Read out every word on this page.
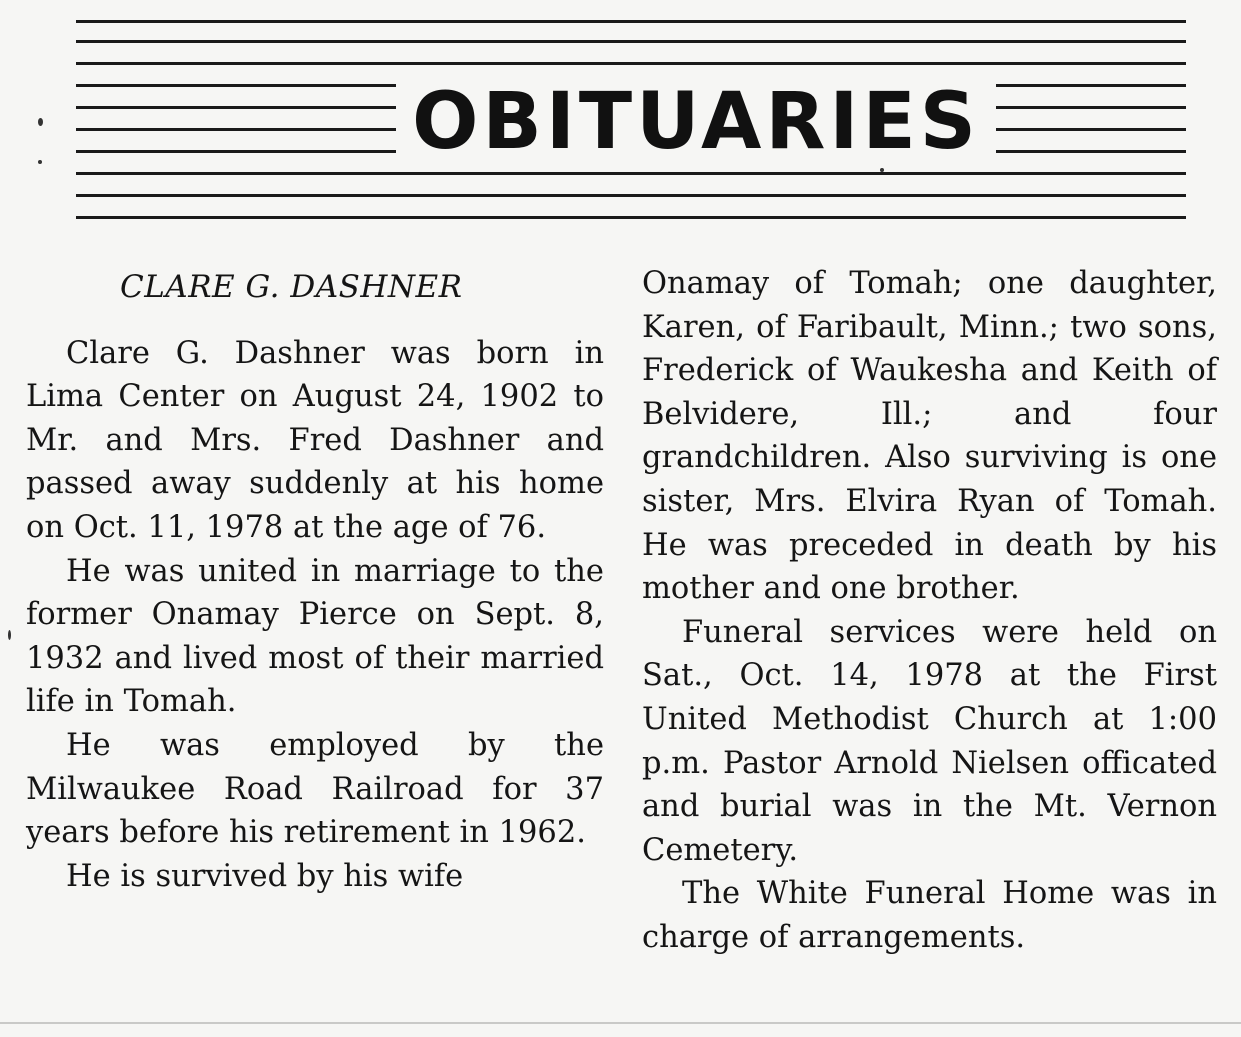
OBITUARIES
CLARE G. DASHNER

Clare G. Dashner was born in Lima Center on August 24, 1902 to Mr. and Mrs. Fred Dashner and passed away suddenly at his home on Oct. 11, 1978 at the age of 76.

He was united in marriage to the former Onamay Pierce on Sept. 8, 1932 and lived most of their married life in Tomah.

He was employed by the Milwaukee Road Railroad for 37 years before his retirement in 1962.

He is survived by his wife

Onamay of Tomah; one daughter, Karen, of Faribault, Minn.; two sons, Frederick of Waukesha and Keith of Belvidere, Ill.; and four grandchildren. Also surviving is one sister, Mrs. Elvira Ryan of Tomah. He was preceded in death by his mother and one brother.

Funeral services were held on Sat., Oct. 14, 1978 at the First United Methodist Church at 1:00 p.m. Pastor Arnold Nielsen officated and burial was in the Mt. Vernon Cemetery.

The White Funeral Home was in charge of arrangements.
